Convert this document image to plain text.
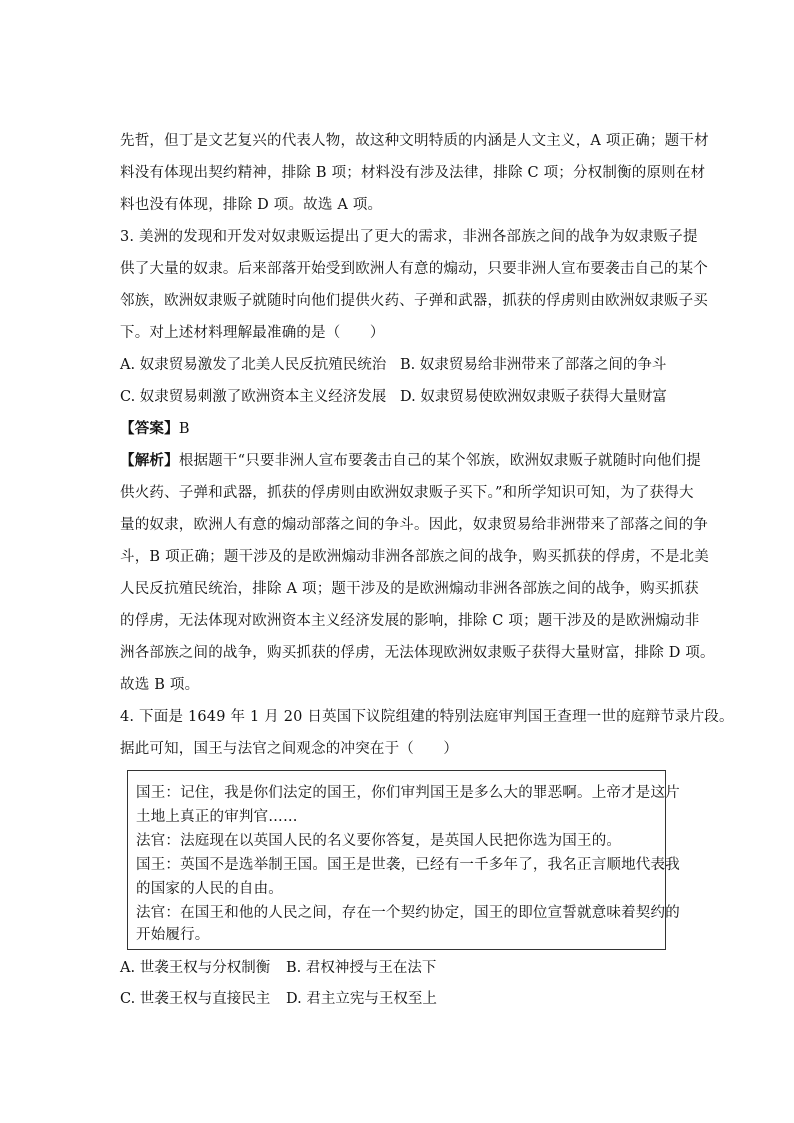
先哲，但丁是文艺复兴的代表人物，故这种文明特质的内涵是人文主义，A 项正确；题干材
料没有体现出契约精神，排除 B 项；材料没有涉及法律，排除 C 项；分权制衡的原则在材
料也没有体现，排除 D 项。故选 A 项。
3. 美洲的发现和开发对奴隶贩运提出了更大的需求，非洲各部族之间的战争为奴隶贩子提
供了大量的奴隶。后来部落开始受到欧洲人有意的煽动，只要非洲人宣布要袭击自己的某个
邻族，欧洲奴隶贩子就随时向他们提供火药、子弹和武器，抓获的俘虏则由欧洲奴隶贩子买
下。对上述材料理解最准确的是（　　）
A. 奴隶贸易激发了北美人民反抗殖民统治 B. 奴隶贸易给非洲带来了部落之间的争斗
C. 奴隶贸易刺激了欧洲资本主义经济发展 D. 奴隶贸易使欧洲奴隶贩子获得大量财富
【答案】B
【解析】根据题干“只要非洲人宣布要袭击自己的某个邻族，欧洲奴隶贩子就随时向他们提
供火药、子弹和武器，抓获的俘虏则由欧洲奴隶贩子买下。”和所学知识可知，为了获得大
量的奴隶，欧洲人有意的煽动部落之间的争斗。因此，奴隶贸易给非洲带来了部落之间的争
斗，B 项正确；题干涉及的是欧洲煽动非洲各部族之间的战争，购买抓获的俘虏，不是北美
人民反抗殖民统治，排除 A 项；题干涉及的是欧洲煽动非洲各部族之间的战争，购买抓获
的俘虏，无法体现对欧洲资本主义经济发展的影响，排除 C 项；题干涉及的是欧洲煽动非
洲各部族之间的战争，购买抓获的俘虏，无法体现欧洲奴隶贩子获得大量财富，排除 D 项。
故选 B 项。
4. 下面是 1649 年 1 月 20 日英国下议院组建的特别法庭审判国王查理一世的庭辩节录片段。
据此可知，国王与法官之间观念的冲突在于（　　）
国王：记住，我是你们法定的国王，你们审判国王是多么大的罪恶啊。上帝才是这片
土地上真正的审判官……
法官：法庭现在以英国人民的名义要你答复，是英国人民把你选为国王的。
国王：英国不是选举制王国。国王是世袭，已经有一千多年了，我名正言顺地代表我
的国家的人民的自由。
法官：在国王和他的人民之间，存在一个契约协定，国王的即位宣誓就意味着契约的
开始履行。
A. 世袭王权与分权制衡 B. 君权神授与王在法下
C. 世袭王权与直接民主 D. 君主立宪与王权至上
